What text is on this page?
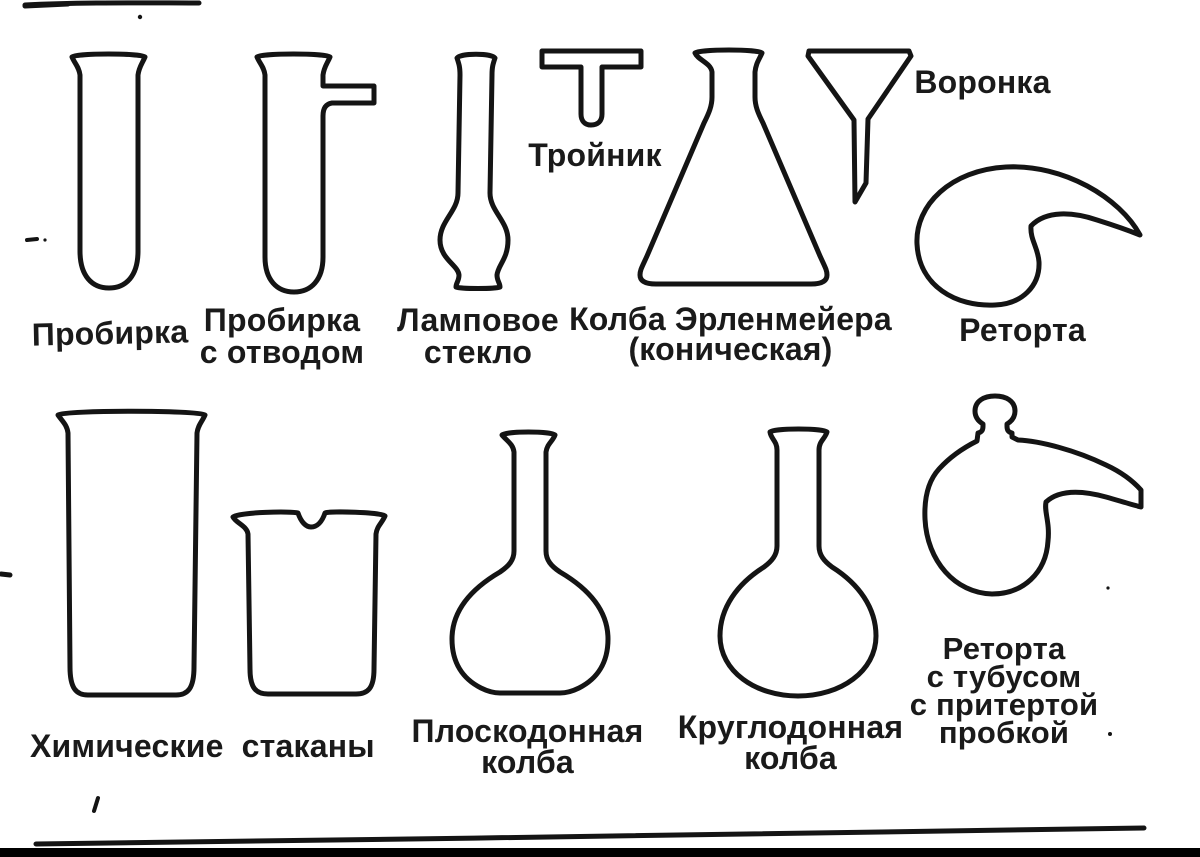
Пробирка Пробирка
с отводом
Ламповое
стекло
Тройник
Колба Эрленмейера
(коническая)
Воронка
Реторта
Химические стаканы	Плоскодонная
колба
Круглодонная
колба
Реторта
с тубусом
с притертой
пробкой
